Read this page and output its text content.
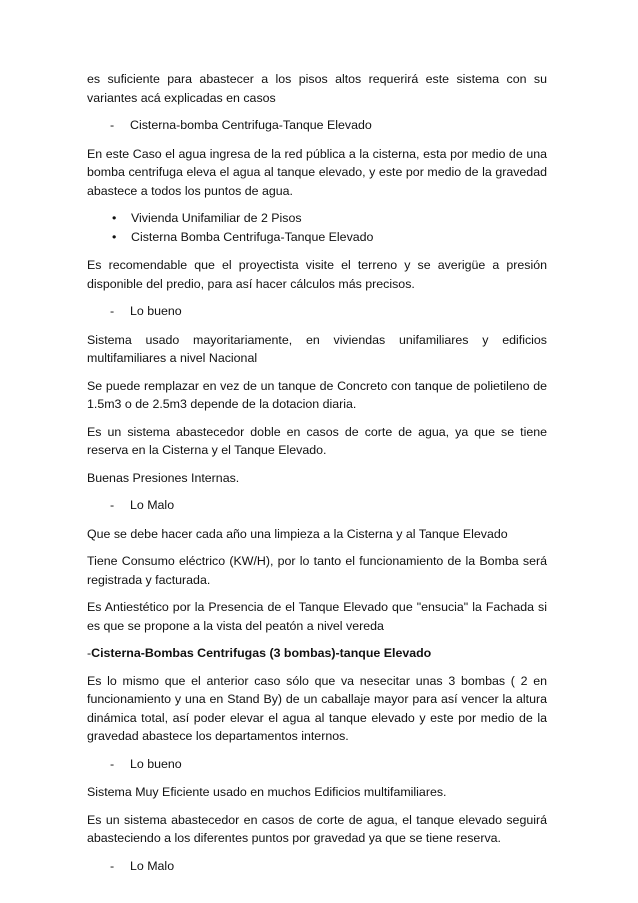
es suficiente para abastecer a los pisos altos requerirá este sistema con su variantes acá explicadas en casos

- Cisterna-bomba Centrifuga-Tanque Elevado

En este Caso el agua ingresa de la red pública a la cisterna, esta por medio de una bomba centrifuga eleva el agua al tanque elevado, y este por medio de la gravedad abastece a todos los puntos de agua.

• Vivienda Unifamiliar de 2 Pisos
• Cisterna Bomba Centrifuga-Tanque Elevado

Es recomendable que el proyectista visite el terreno y se averigüe a presión disponible del predio, para así hacer cálculos más precisos.

- Lo bueno

Sistema usado mayoritariamente, en viviendas unifamiliares y edificios multifamiliares a nivel Nacional

Se puede remplazar en vez de un tanque de Concreto con tanque de polietileno de 1.5m3 o de 2.5m3 depende de la dotacion diaria.

Es un sistema abastecedor doble en casos de corte de agua, ya que se tiene reserva en la Cisterna y el Tanque Elevado.

Buenas Presiones Internas.

- Lo Malo

Que se debe hacer cada año una limpieza a la Cisterna y al Tanque Elevado

Tiene Consumo eléctrico (KW/H), por lo tanto el funcionamiento de la Bomba será registrada y facturada.

Es Antiestético por la Presencia de el Tanque Elevado que "ensucia" la Fachada si es que se propone a la vista del peatón a nivel vereda

-Cisterna-Bombas Centrifugas (3 bombas)-tanque Elevado

Es lo mismo que el anterior caso sólo que va nesecitar unas 3 bombas ( 2 en funcionamiento y una en Stand By) de un caballaje mayor para así vencer la altura dinámica total, así poder elevar el agua al tanque elevado y este por medio de la gravedad abastece los departamentos internos.

- Lo bueno

Sistema Muy Eficiente usado en muchos Edificios multifamiliares.

Es un sistema abastecedor en casos de corte de agua, el tanque elevado seguirá abasteciendo a los diferentes puntos por gravedad ya que se tiene reserva.

- Lo Malo
